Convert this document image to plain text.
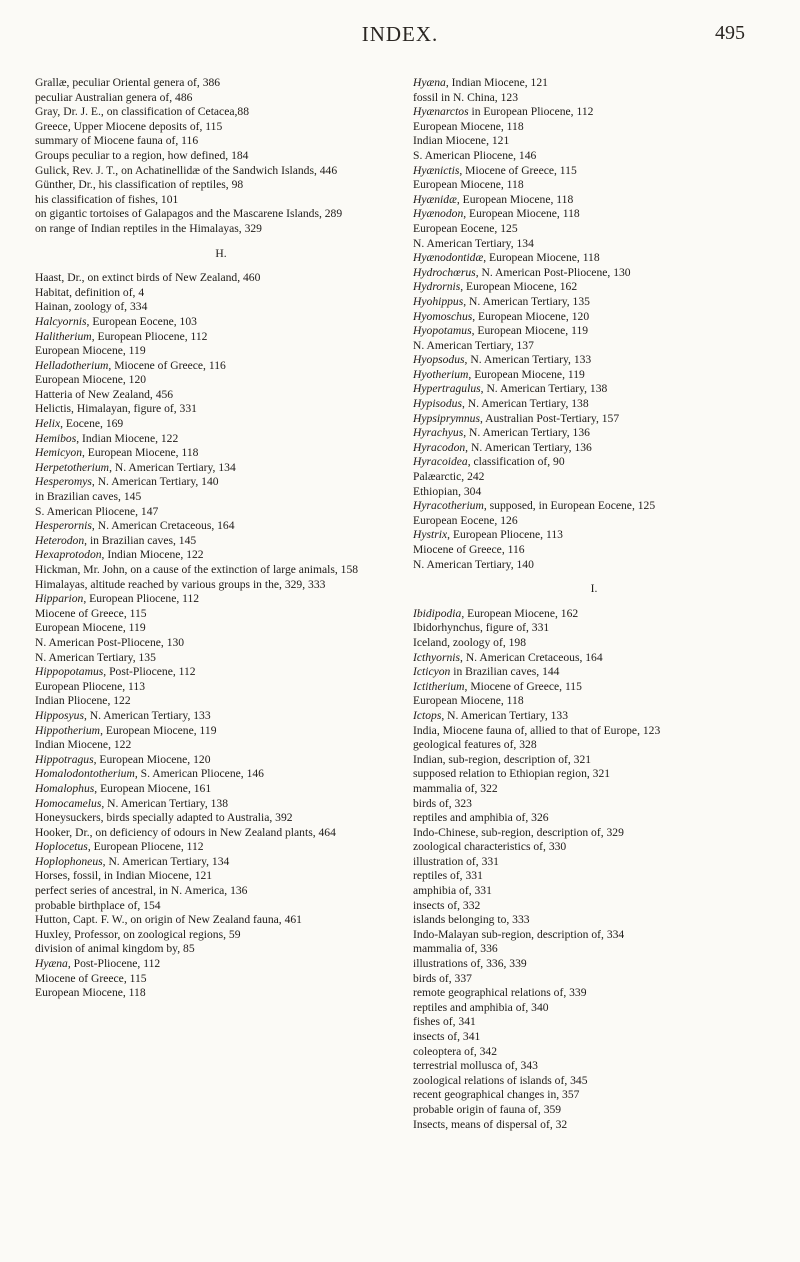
INDEX.	495

Grallæ, peculiar Oriental genera of, 386
peculiar Australian genera of, 486

Gray, Dr. J. E., on classification of Cetacea,88

Greece, Upper Miocene deposits of, 115
summary of Miocene fauna of, 116

Groups peculiar to a region, how defined, 184

Gulick, Rev. J. T., on Achatinellidæ of the Sandwich Islands, 446

Günther, Dr., his classification of reptiles, 98
his classification of fishes, 101
on gigantic tortoises of Galapagos and the Mascarene Islands, 289
on range of Indian reptiles in the Himalayas, 329

H.

Haast, Dr., on extinct birds of New Zealand, 460

Habitat, definition of, 4

Hainan, zoology of, 334

Halcyornis, European Eocene, 103

Halitherium, European Pliocene, 112
European Miocene, 119

Helladotherium, Miocene of Greece, 116
European Miocene, 120

Hatteria of New Zealand, 456

Helictis, Himalayan, figure of, 331

Helix, Eocene, 169

Hemibos, Indian Miocene, 122

Hemicyon, European Miocene, 118

Herpetotherium, N. American Tertiary, 134

Hesperomys, N. American Tertiary, 140
in Brazilian caves, 145
S. American Pliocene, 147

Hesperornis, N. American Cretaceous, 164

Heterodon, in Brazilian caves, 145

Hexaprotodon, Indian Miocene, 122

Hickman, Mr. John, on a cause of the extinction of large animals, 158

Himalayas, altitude reached by various groups in the, 329, 333

Hipparion, European Pliocene, 112
Miocene of Greece, 115
European Miocene, 119
N. American Post-Pliocene, 130
N. American Tertiary, 135

Hippopotamus, Post-Pliocene, 112
European Pliocene, 113
Indian Pliocene, 122

Hipposyus, N. American Tertiary, 133

Hippotherium, European Miocene, 119
Indian Miocene, 122

Hippotragus, European Miocene, 120

Homalodontotherium, S. American Pliocene, 146

Homalophus, European Miocene, 161

Homocamelus, N. American Tertiary, 138

Honeysuckers, birds specially adapted to Australia, 392

Hooker, Dr., on deficiency of odours in New Zealand plants, 464

Hoplocetus, European Pliocene, 112

Hoplophoneus, N. American Tertiary, 134

Horses, fossil, in Indian Miocene, 121
perfect series of ancestral, in N. America, 136
probable birthplace of, 154

Hutton, Capt. F. W., on origin of New Zealand fauna, 461

Huxley, Professor, on zoological regions, 59
division of animal kingdom by, 85

Hyæna, Post-Pliocene, 112
Miocene of Greece, 115
European Miocene, 118

Hyæna, Indian Miocene, 121
fossil in N. China, 123

Hyænarctos in European Pliocene, 112
European Miocene, 118
Indian Miocene, 121
S. American Pliocene, 146

Hyænictis, Miocene of Greece, 115
European Miocene, 118

Hyænidæ, European Miocene, 118

Hyænodon, European Miocene, 118
European Eocene, 125
N. American Tertiary, 134

Hyænodontidæ, European Miocene, 118

Hydrochœrus, N. American Post-Pliocene, 130

Hydrornis, European Miocene, 162

Hyohippus, N. American Tertiary, 135

Hyomoschus, European Miocene, 120

Hyopotamus, European Miocene, 119
N. American Tertiary, 137

Hyopsodus, N. American Tertiary, 133

Hyotherium, European Miocene, 119

Hypertragulus, N. American Tertiary, 138

Hypisodus, N. American Tertiary, 138

Hypsiprymnus, Australian Post-Tertiary, 157

Hyrachyus, N. American Tertiary, 136

Hyracodon, N. American Tertiary, 136

Hyracoidea, classification of, 90
Palæarctic, 242
Ethiopian, 304

Hyracotherium, supposed, in European Eocene, 125
European Eocene, 126

Hystrix, European Pliocene, 113
Miocene of Greece, 116
N. American Tertiary, 140

I.

Ibidipodia, European Miocene, 162

Ibidorhynchus, figure of, 331

Iceland, zoology of, 198

Icthyornis, N. American Cretaceous, 164

Icticyon in Brazilian caves, 144

Ictitherium, Miocene of Greece, 115
European Miocene, 118

Ictops, N. American Tertiary, 133

India, Miocene fauna of, allied to that of Europe, 123
geological features of, 328

Indian, sub-region, description of, 321
supposed relation to Ethiopian region, 321
mammalia of, 322
birds of, 323
reptiles and amphibia of, 326

Indo-Chinese, sub-region, description of, 329
zoological characteristics of, 330
illustration of, 331
reptiles of, 331
amphibia of, 331
insects of, 332
islands belonging to, 333

Indo-Malayan sub-region, description of, 334
mammalia of, 336
illustrations of, 336, 339
birds of, 337
remote geographical relations of, 339
reptiles and amphibia of, 340
fishes of, 341
insects of, 341
coleoptera of, 342
terrestrial mollusca of, 343
zoological relations of islands of, 345
recent geographical changes in, 357
probable origin of fauna of, 359

Insects, means of dispersal of, 32
